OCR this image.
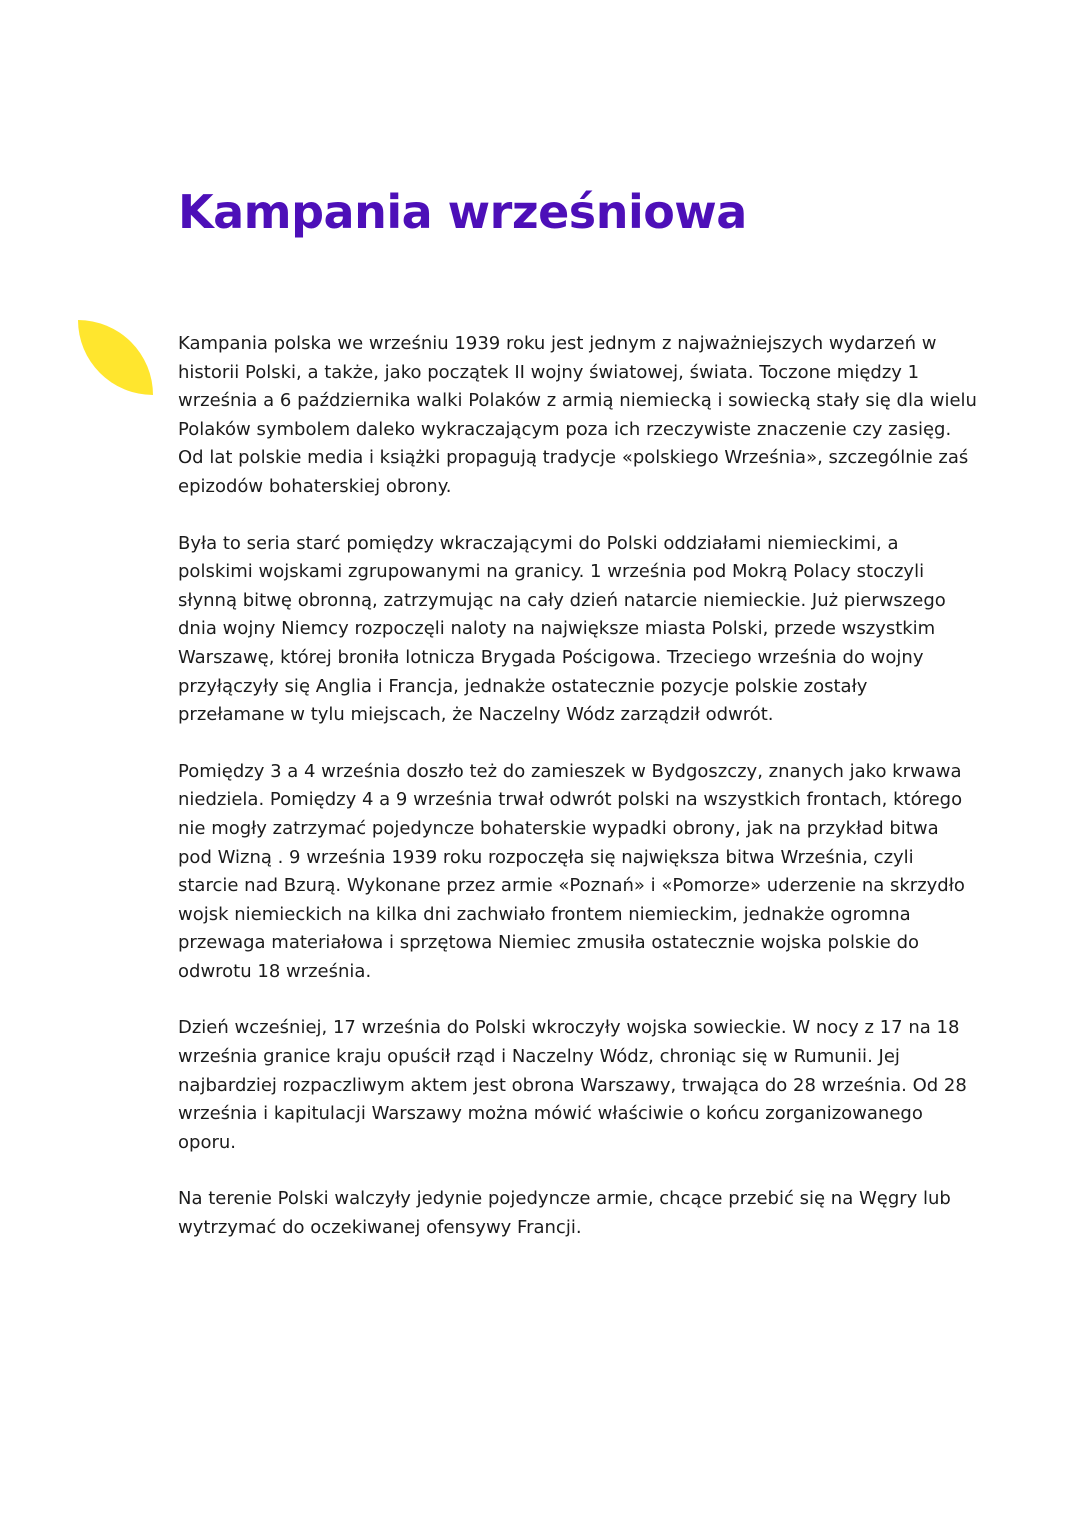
Kampania wrześniowa

Kampania polska we wrześniu 1939 roku jest jednym z najważniejszych wydarzeń w historii Polski, a także, jako początek II wojny światowej, świata. Toczone między 1 września a 6 października walki Polaków z armią niemiecką i sowiecką stały się dla wielu Polaków symbolem daleko wykraczającym poza ich rzeczywiste znaczenie czy zasięg. Od lat polskie media i książki propagują tradycje «polskiego Września», szczególnie zaś epizodów bohaterskiej obrony.

Była to seria starć pomiędzy wkraczającymi do Polski oddziałami niemieckimi, a polskimi wojskami zgrupowanymi na granicy. 1 września pod Mokrą Polacy stoczyli słynną bitwę obronną, zatrzymując na cały dzień natarcie niemieckie. Już pierwszego dnia wojny Niemcy rozpoczęli naloty na największe miasta Polski, przede wszystkim Warszawę, której broniła lotnicza Brygada Pościgowa. Trzeciego września do wojny przyłączyły się Anglia i Francja, jednakże ostatecznie pozycje polskie zostały przełamane w tylu miejscach, że Naczelny Wódz zarządził odwrót.

Pomiędzy 3 a 4 września doszło też do zamieszek w Bydgoszczy, znanych jako krwawa niedziela. Pomiędzy 4 a 9 września trwał odwrót polski na wszystkich frontach, którego nie mogły zatrzymać pojedyncze bohaterskie wypadki obrony, jak na przykład bitwa pod Wizną . 9 września 1939 roku rozpoczęła się największa bitwa Września, czyli starcie nad Bzurą. Wykonane przez armie «Poznań» i «Pomorze» uderzenie na skrzydło wojsk niemieckich na kilka dni zachwiało frontem niemieckim, jednakże ogromna przewaga materiałowa i sprzętowa Niemiec zmusiła ostatecznie wojska polskie do odwrotu 18 września.

Dzień wcześniej, 17 września do Polski wkroczyły wojska sowieckie. W nocy z 17 na 18 września granice kraju opuścił rząd i Naczelny Wódz, chroniąc się w Rumunii. Jej najbardziej rozpaczliwym aktem jest obrona Warszawy, trwająca do 28 września. Od 28 września i kapitulacji Warszawy można mówić właściwie o końcu zorganizowanego oporu.

Na terenie Polski walczyły jedynie pojedyncze armie, chcące przebić się na Węgry lub wytrzymać do oczekiwanej ofensywy Francji.
